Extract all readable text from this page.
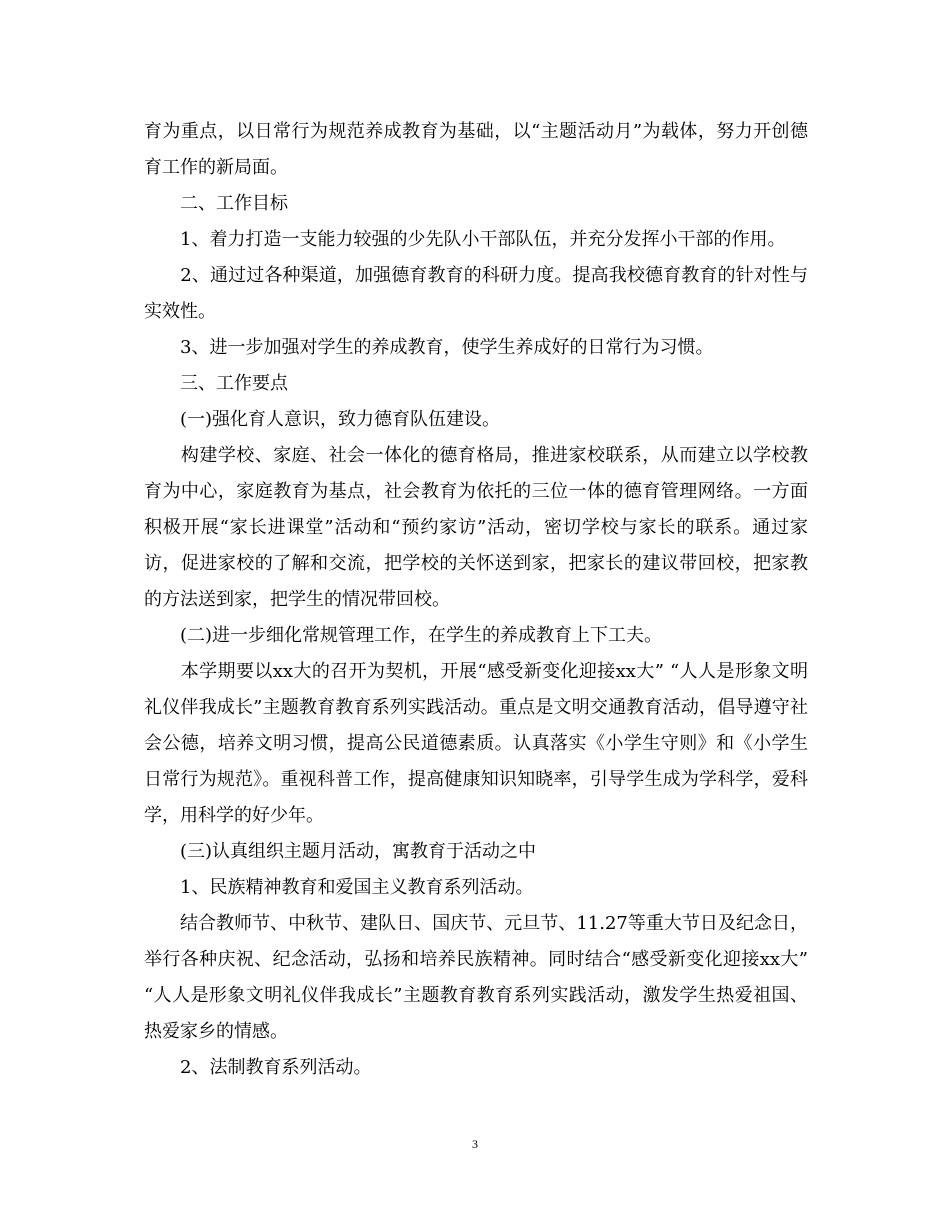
育为重点，以日常行为规范养成教育为基础，以“主题活动月”为载体，努力开创德育工作的新局面。

　　二、工作目标

　　1、着力打造一支能力较强的少先队小干部队伍，并充分发挥小干部的作用。

　　2、通过过各种渠道，加强德育教育的科研力度。提高我校德育教育的针对性与实效性。

　　3、进一步加强对学生的养成教育，使学生养成好的日常行为习惯。

　　三、工作要点

　　(一)强化育人意识，致力德育队伍建设。

　　构建学校、家庭、社会一体化的德育格局，推进家校联系，从而建立以学校教育为中心，家庭教育为基点，社会教育为依托的三位一体的德育管理网络。一方面积极开展“家长进课堂”活动和“预约家访”活动，密切学校与家长的联系。通过家访，促进家校的了解和交流，把学校的关怀送到家，把家长的建议带回校，把家教的方法送到家，把学生的情况带回校。

　　(二)进一步细化常规管理工作，在学生的养成教育上下工夫。

　　本学期要以xx大的召开为契机，开展“感受新变化迎接xx大” “人人是形象文明礼仪伴我成长”主题教育教育系列实践活动。重点是文明交通教育活动，倡导遵守社会公德，培养文明习惯，提高公民道德素质。认真落实《小学生守则》和《小学生日常行为规范》。重视科普工作，提高健康知识知晓率，引导学生成为学科学，爱科学，用科学的好少年。

　　(三)认真组织主题月活动，寓教育于活动之中

　　1、民族精神教育和爱国主义教育系列活动。

　　结合教师节、中秋节、建队日、国庆节、元旦节、11.27等重大节日及纪念日，举行各种庆祝、纪念活动，弘扬和培养民族精神。同时结合“感受新变化迎接xx大” “人人是形象文明礼仪伴我成长”主题教育教育系列实践活动，激发学生热爱祖国、热爱家乡的情感。

　　2、法制教育系列活动。

3
